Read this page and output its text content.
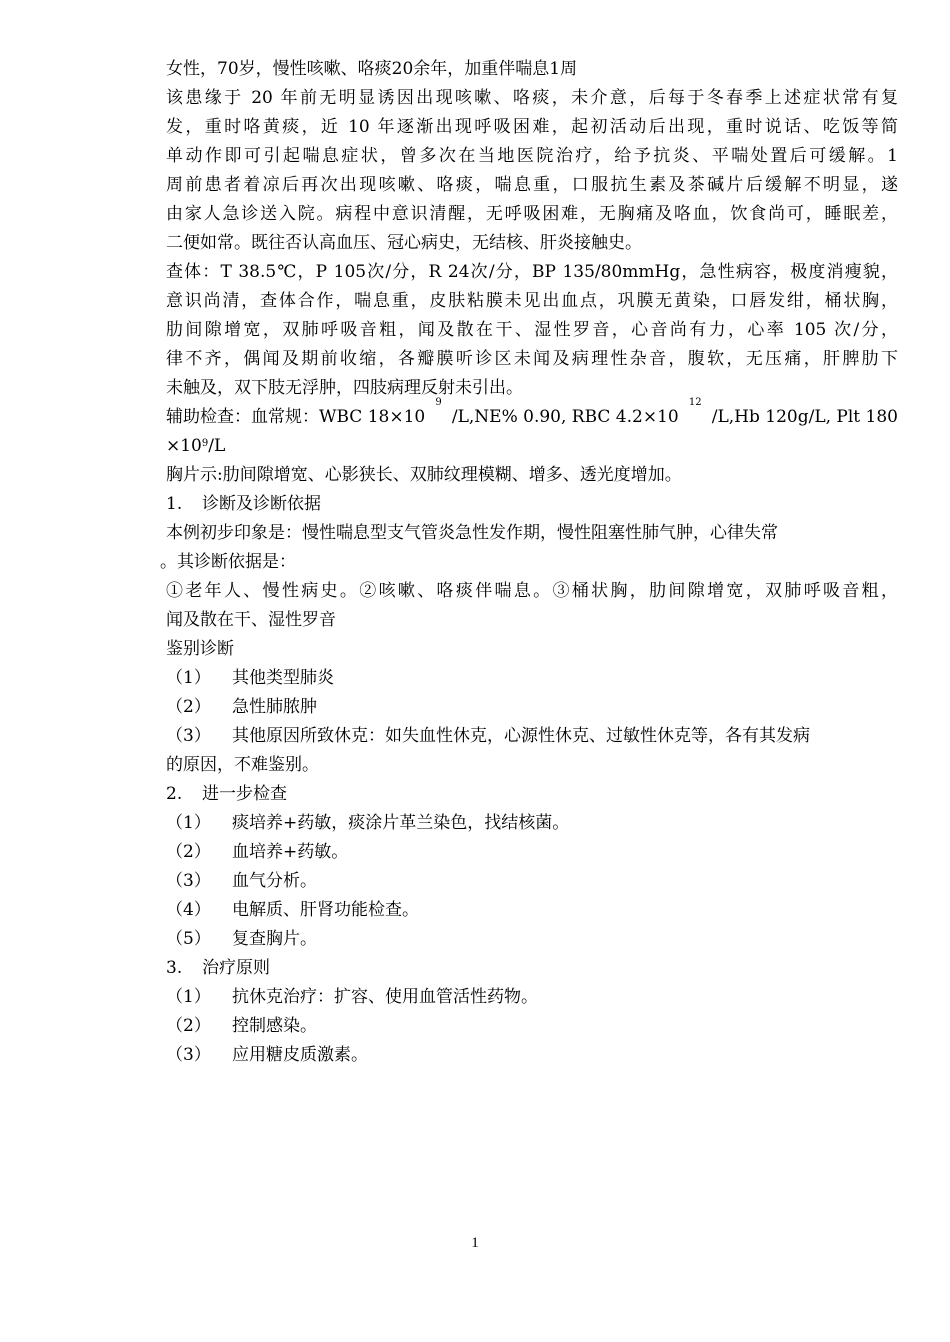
女性，70岁，慢性咳嗽、咯痰20余年，加重伴喘息1周
该患缘于 20 年前无明显诱因出现咳嗽、咯痰，未介意，后每于冬春季上述症状常有复
发，重时咯黄痰，近 10 年逐渐出现呼吸困难，起初活动后出现，重时说话、吃饭等简
单动作即可引起喘息症状，曾多次在当地医院治疗，给予抗炎、平喘处置后可缓解。1
周前患者着凉后再次出现咳嗽、咯痰，喘息重，口服抗生素及茶碱片后缓解不明显，遂
由家人急诊送入院。病程中意识清醒，无呼吸困难，无胸痛及咯血，饮食尚可，睡眠差，
二便如常。既往否认高血压、冠心病史，无结核、肝炎接触史。
查体：T 38.5℃，P 105次/分，R 24次/分，BP 135/80mmHg，急性病容，极度消瘦貌，
意识尚清，查体合作，喘息重，皮肤粘膜未见出血点，巩膜无黄染，口唇发绀，桶状胸，
肋间隙增宽，双肺呼吸音粗，闻及散在干、湿性罗音，心音尚有力，心率 105 次/分，
律不齐，偶闻及期前收缩，各瓣膜听诊区未闻及病理性杂音，腹软，无压痛，肝脾肋下
未触及，双下肢无浮肿，四肢病理反射未引出。
辅助检查：血常规：WBC 18×10
9
/L,NE% 0.90, RBC 4.2×10
12
/L,Hb 120g/L, Plt 180
$\times 10^9/L$
胸片示:肋间隙增宽、心影狭长、双肺纹理模糊、增多、透光度增加。
1. 诊断及诊断依据
本例初步印象是：慢性喘息型支气管炎急性发作期，慢性阻塞性肺气肿，心律失常
。其诊断依据是：
①老年人、慢性病史。②咳嗽、咯痰伴喘息。③桶状胸，肋间隙增宽，双肺呼吸音粗，
闻及散在干、湿性罗音
鉴别诊断
（1） 其他类型肺炎
（2） 急性肺脓肿
（3） 其他原因所致休克：如失血性休克，心源性休克、过敏性休克等，各有其发病
的原因，不难鉴别。
2. 进一步检查
（1） 痰培养+药敏，痰涂片革兰染色，找结核菌。
（2） 血培养+药敏。
（3） 血气分析。
（4） 电解质、肝肾功能检查。
（5） 复查胸片。
3. 治疗原则
（1） 抗休克治疗：扩容、使用血管活性药物。
（2） 控制感染。
（3） 应用糖皮质激素。
1
